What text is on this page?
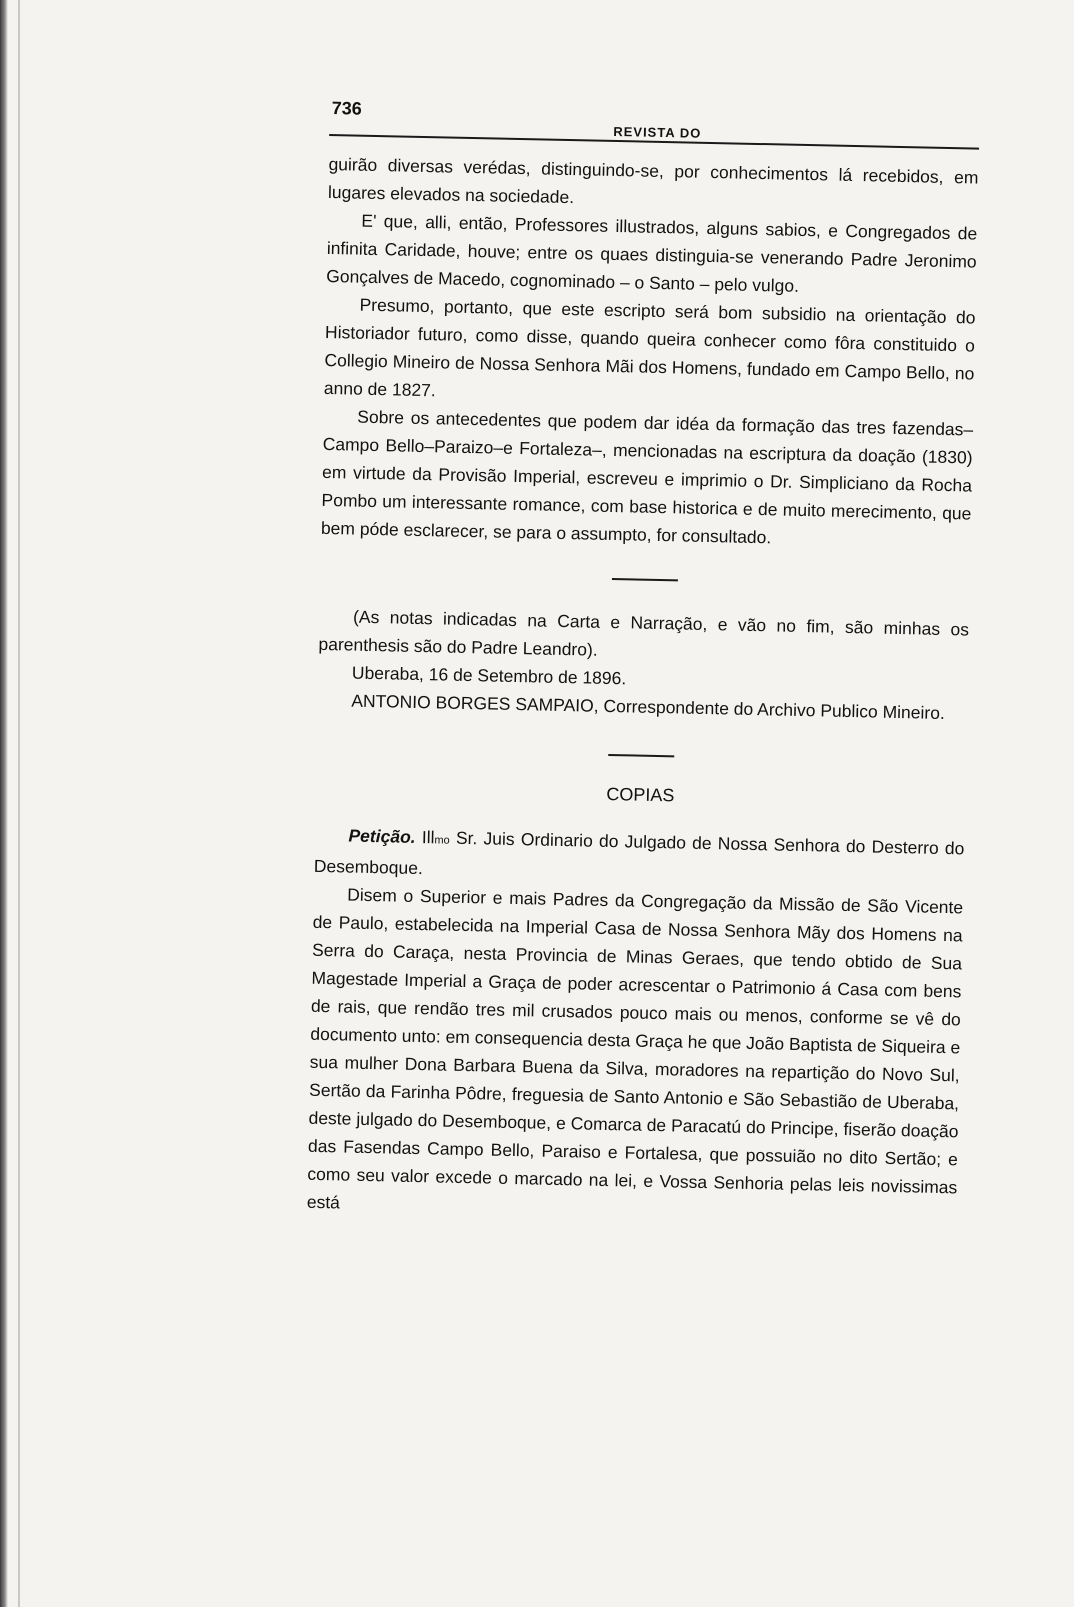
736
REVISTA DO

guirão diversas verédas, distinguindo-se, por conhecimentos lá recebidos, em lugares elevados na sociedade.

E' que, alli, então, Professores illustrados, alguns sabios, e Congregados de infinita Caridade, houve; entre os quaes distinguia-se venerando Padre Jeronimo Gonçalves de Macedo, cognominado – o Santo – pelo vulgo.

Presumo, portanto, que este escripto será bom subsidio na orientação do Historiador futuro, como disse, quando queira conhecer como fôra constituido o Collegio Mineiro de Nossa Senhora Mãi dos Homens, fundado em Campo Bello, no anno de 1827.

Sobre os antecedentes que podem dar idéa da formação das tres fazendas–Campo Bello–Paraizo–e Fortaleza–, mencionadas na escriptura da doação (1830) em virtude da Provisão Imperial, escreveu e imprimio o Dr. Simpliciano da Rocha Pombo um interessante romance, com base historica e de muito merecimento, que bem póde esclarecer, se para o assumpto, for consultado.

(As notas indicadas na Carta e Narração, e vão no fim, são minhas os parenthesis são do Padre Leandro).

Uberaba, 16 de Setembro de 1896.

ANTONIO BORGES SAMPAIO, Correspondente do Archivo Publico Mineiro.

COPIAS

Petição. Illmo Sr. Juis Ordinario do Julgado de Nossa Senhora do Desterro do Desemboque.

Disem o Superior e mais Padres da Congregação da Missão de São Vicente de Paulo, estabelecida na Imperial Casa de Nossa Senhora Mãy dos Homens na Serra do Caraça, nesta Provincia de Minas Geraes, que tendo obtido de Sua Magestade Imperial a Graça de poder acrescentar o Patrimonio á Casa com bens de rais, que rendão tres mil crusados pouco mais ou menos, conforme se vê do documento unto: em consequencia desta Graça he que João Baptista de Siqueira e sua mulher Dona Barbara Buena da Silva, moradores na repartição do Novo Sul, Sertão da Farinha Pôdre, freguesia de Santo Antonio e São Sebastião de Uberaba, deste julgado do Desemboque, e Comarca de Paracatú do Principe, fiserão doação das Fasendas Campo Bello, Paraiso e Fortalesa, que possuião no dito Sertão; e como seu valor excede o marcado na lei, e Vossa Senhoria pelas leis novissimas está
